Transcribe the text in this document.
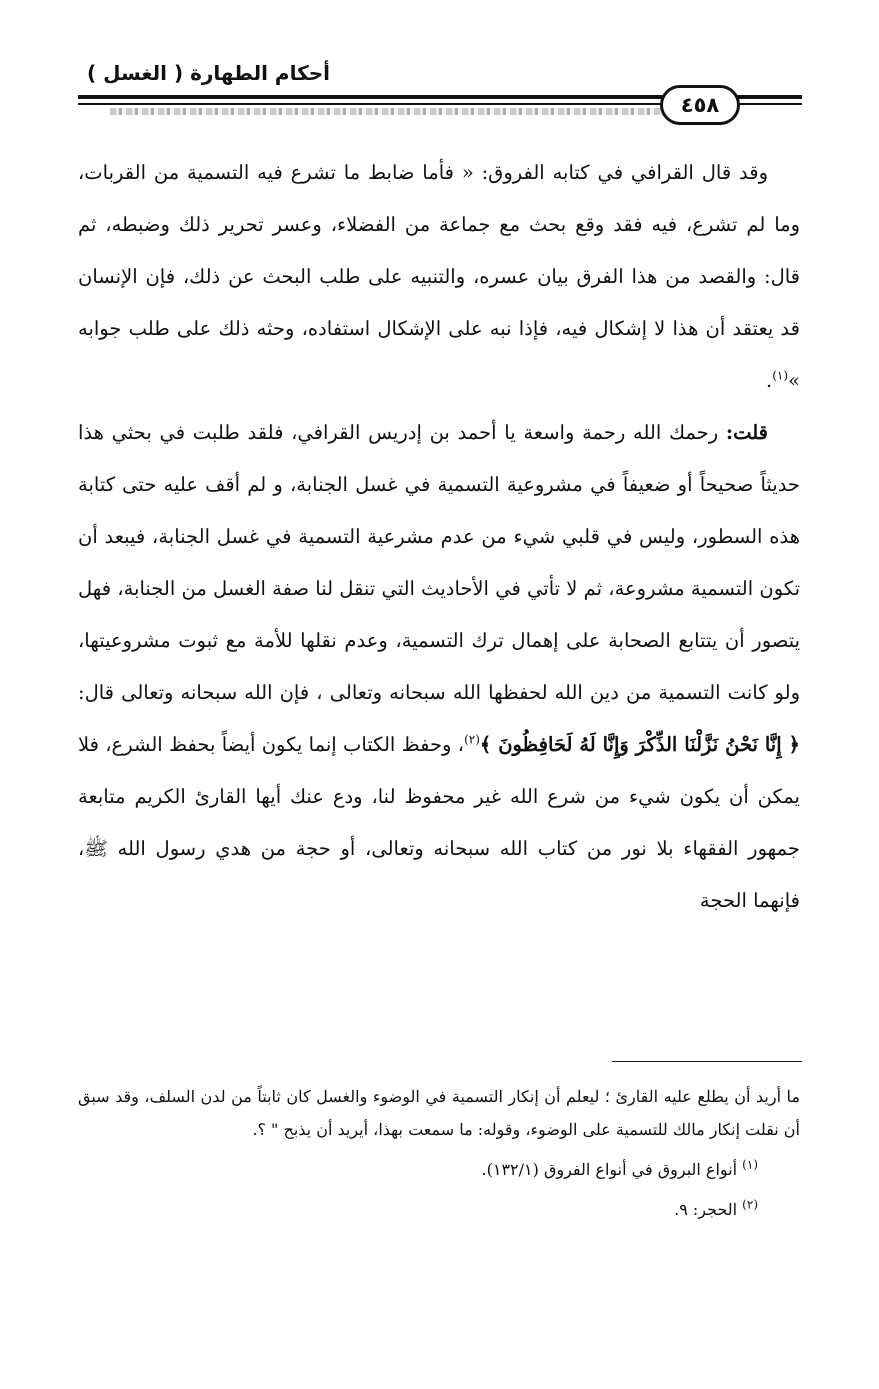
أحكام الطهارة ( الغسل )
٤٥٨

وقد قال القرافي في كتابه الفروق: « فأما ضابط ما تشرع فيه التسمية من القربات، وما لم تشرع، فيه فقد وقع بحث مع جماعة من الفضلاء، وعسر تحرير ذلك وضبطه، ثم قال: والقصد من هذا الفرق بيان عسره، والتنبيه على طلب البحث عن ذلك، فإن الإنسان قد يعتقد أن هذا لا إشكال فيه، فإذا نبه على الإشكال استفاده، وحثه ذلك على طلب جوابه »$^{(١)}$.

قلت: رحمك الله رحمة واسعة يا أحمد بن إدريس القرافي، فلقد طلبت في بحثي هذا حديثاً صحيحاً أو ضعيفاً في مشروعية التسمية في غسل الجنابة، و لم أقف عليه حتى كتابة هذه السطور، وليس في قلبي شيء من عدم مشرعية التسمية في غسل الجنابة، فيبعد أن تكون التسمية مشروعة، ثم لا تأتي في الأحاديث التي تنقل لنا صفة الغسل من الجنابة، فهل يتصور أن يتتابع الصحابة على إهمال ترك التسمية، وعدم نقلها للأمة مع ثبوت مشروعيتها، ولو كانت التسمية من دين الله لحفظها الله سبحانه وتعالى ، فإن الله سبحانه وتعالى قال: ﴿ إِنَّا نَحْنُ نَزَّلْنَا الذِّكْرَ وَإِنَّا لَهُ لَحَافِظُونَ ﴾$^{(٢)}$، وحفظ الكتاب إنما يكون أيضاً بحفظ الشرع، فلا يمكن أن يكون شيء من شرع الله غير محفوظ لنا، ودع عنك أيها القارئ الكريم متابعة جمهور الفقهاء بلا نور من كتاب الله سبحانه وتعالى، أو حجة من هدي رسول الله ﷺ، فإنهما الحجة

ما أريد أن يطلع عليه القارئ ؛ ليعلم أن إنكار التسمية في الوضوء والغسل كان ثابتاً من لدن السلف، وقد سبق أن نقلت إنكار مالك للتسمية على الوضوء، وقوله: ما سمعت بهذا، أيريد أن يذبح " ؟.

$^{(١)}$ أنواع البروق في أنواع الفروق (١٣٢/١).

$^{(٢)}$ الحجر: ٩.
